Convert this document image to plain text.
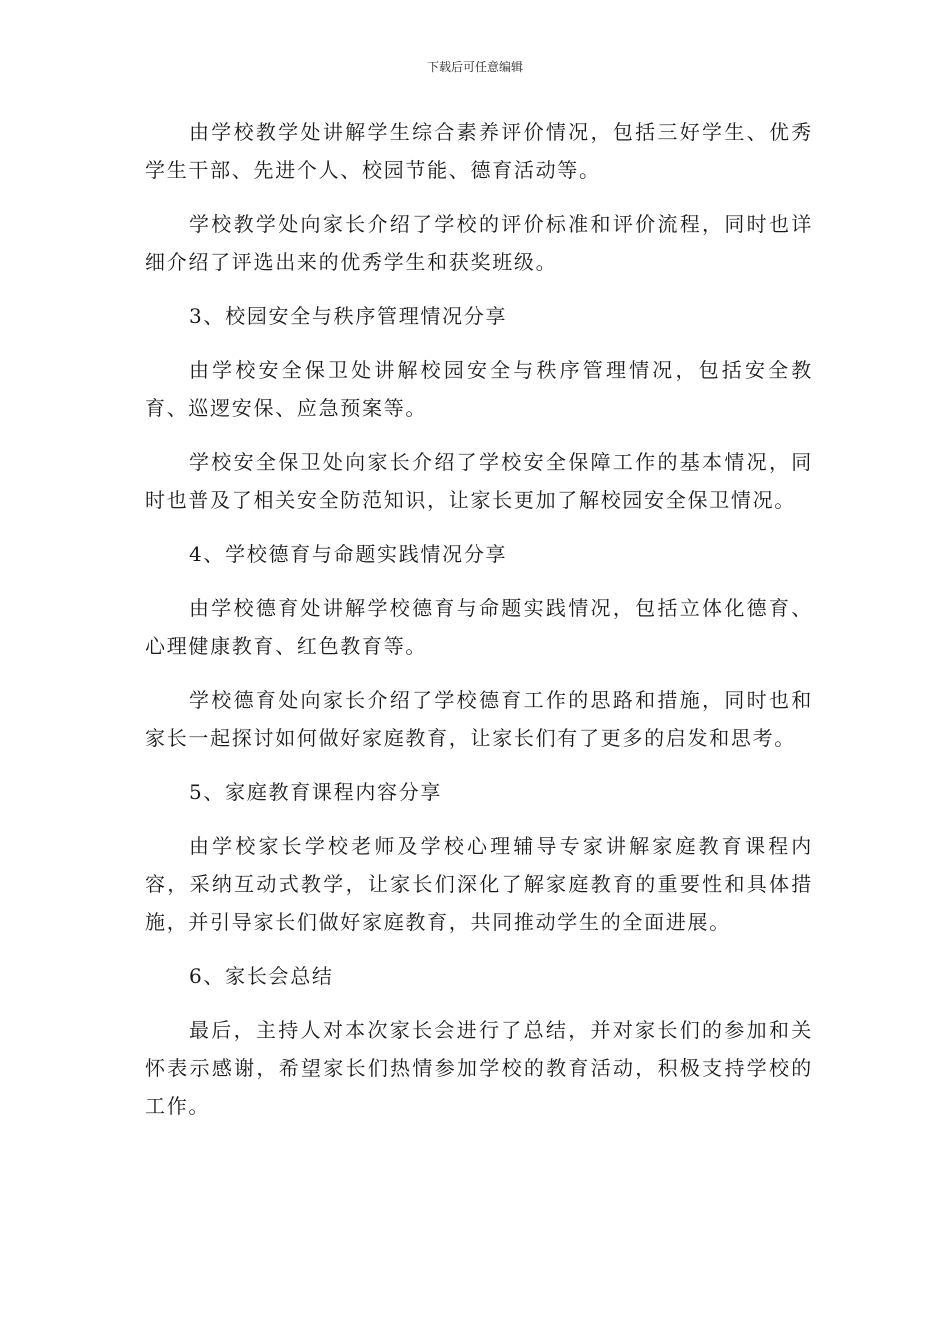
下载后可任意编辑

由学校教学处讲解学生综合素养评价情况，包括三好学生、优秀学生干部、先进个人、校园节能、德育活动等。

学校教学处向家长介绍了学校的评价标准和评价流程，同时也详细介绍了评选出来的优秀学生和获奖班级。

3、校园安全与秩序管理情况分享

由学校安全保卫处讲解校园安全与秩序管理情况，包括安全教育、巡逻安保、应急预案等。

学校安全保卫处向家长介绍了学校安全保障工作的基本情况，同时也普及了相关安全防范知识，让家长更加了解校园安全保卫情况。

4、学校德育与命题实践情况分享

由学校德育处讲解学校德育与命题实践情况，包括立体化德育、心理健康教育、红色教育等。

学校德育处向家长介绍了学校德育工作的思路和措施，同时也和家长一起探讨如何做好家庭教育，让家长们有了更多的启发和思考。

5、家庭教育课程内容分享

由学校家长学校老师及学校心理辅导专家讲解家庭教育课程内容，采纳互动式教学，让家长们深化了解家庭教育的重要性和具体措施，并引导家长们做好家庭教育，共同推动学生的全面进展。

6、家长会总结

最后，主持人对本次家长会进行了总结，并对家长们的参加和关怀表示感谢，希望家长们热情参加学校的教育活动，积极支持学校的工作。
